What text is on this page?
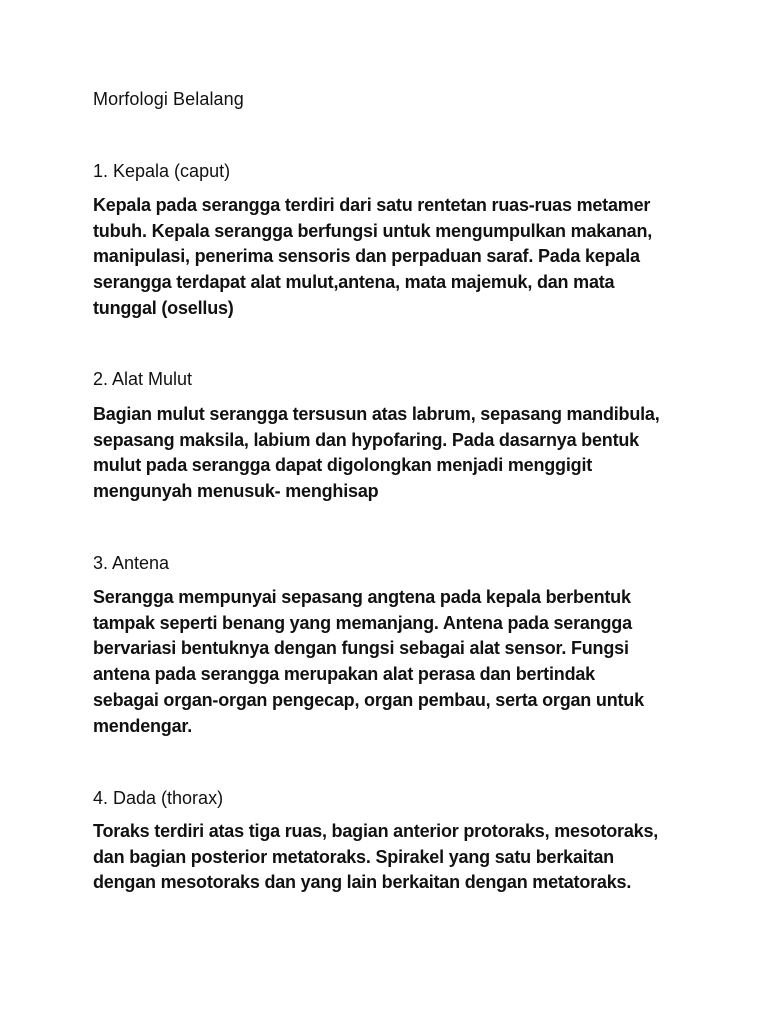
Morfologi Belalang
1. Kepala (caput)

Kepala pada serangga terdiri dari satu rentetan ruas-ruas metamer
tubuh. Kepala serangga berfungsi untuk mengumpulkan makanan,
manipulasi, penerima sensoris dan perpaduan saraf. Pada kepala
serangga terdapat alat mulut,antena, mata majemuk, dan mata
tunggal (osellus)

2. Alat Mulut

Bagian mulut serangga tersusun atas labrum, sepasang mandibula,
sepasang maksila, labium dan hypofaring. Pada dasarnya bentuk
mulut pada serangga dapat digolongkan menjadi menggigit
mengunyah menusuk- menghisap

3. Antena

Serangga mempunyai sepasang angtena pada kepala berbentuk
tampak seperti benang yang memanjang. Antena pada serangga
bervariasi bentuknya dengan fungsi sebagai alat sensor. Fungsi
antena pada serangga merupakan alat perasa dan bertindak
sebagai organ-organ pengecap, organ pembau, serta organ untuk
mendengar.

4. Dada (thorax)

Toraks terdiri atas tiga ruas, bagian anterior protoraks, mesotoraks,
dan bagian posterior metatoraks. Spirakel yang satu berkaitan
dengan mesotoraks dan yang lain berkaitan dengan metatoraks.
